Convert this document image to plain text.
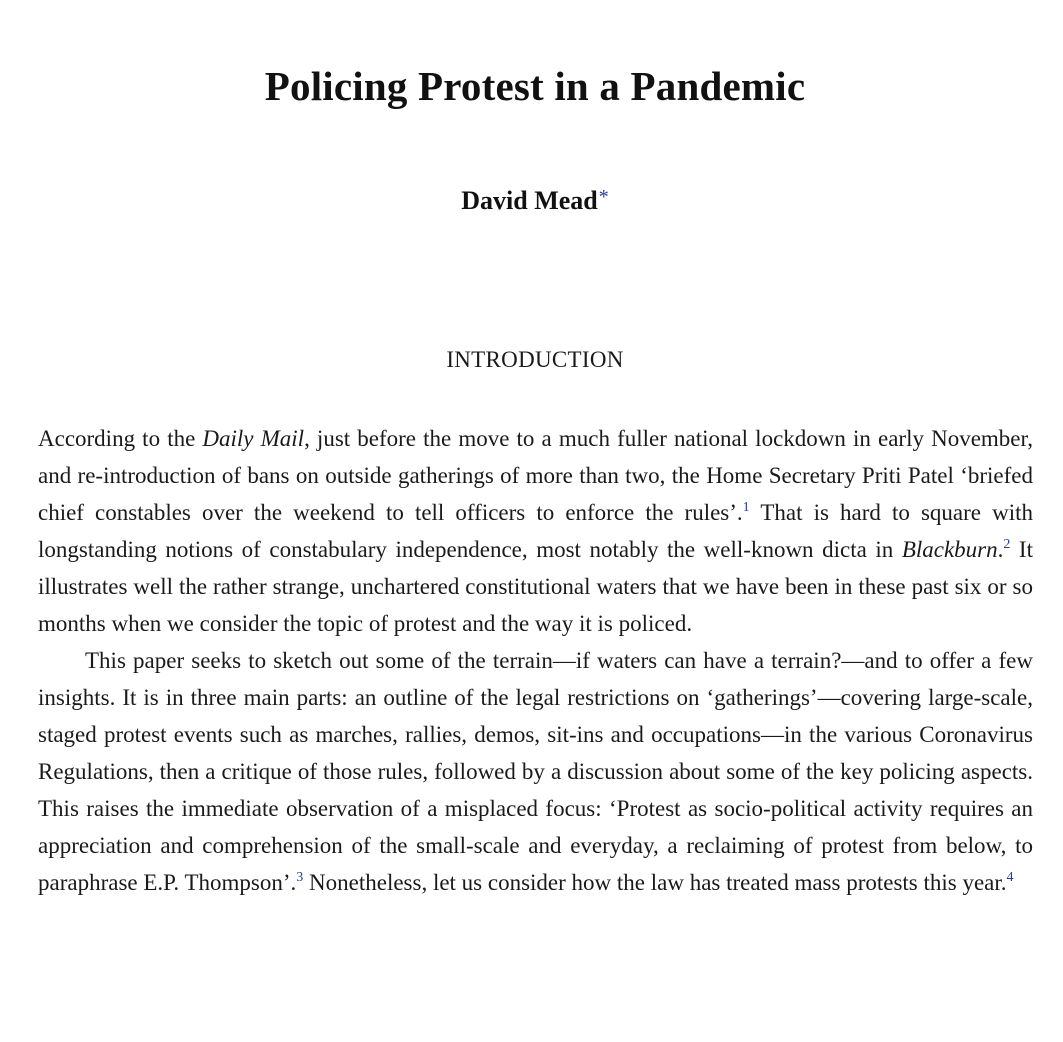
Policing Protest in a Pandemic
David Mead*
INTRODUCTION

According to the Daily Mail, just before the move to a much fuller national lockdown in early November, and re-introduction of bans on outside gatherings of more than two, the Home Secretary Priti Patel ‘briefed chief constables over the weekend to tell officers to enforce the rules’.$^1$ That is hard to square with longstanding notions of constabulary independence, most notably the well-known dicta in Blackburn.$^2$ It illustrates well the rather strange, unchartered constitutional waters that we have been in these past six or so months when we consider the topic of protest and the way it is policed.

This paper seeks to sketch out some of the terrain—if waters can have a terrain?—and to offer a few insights. It is in three main parts: an outline of the legal restrictions on ‘gatherings’—covering large-scale, staged protest events such as marches, rallies, demos, sit-ins and occupations—in the various Coronavirus Regulations, then a critique of those rules, followed by a discussion about some of the key policing aspects. This raises the immediate observation of a misplaced focus: ‘Protest as socio-political activity requires an appreciation and comprehension of the small-scale and everyday, a reclaiming of protest from below, to paraphrase E.P. Thompson’.$^3$ Nonetheless, let us consider how the law has treated mass protests this year.$^4$
